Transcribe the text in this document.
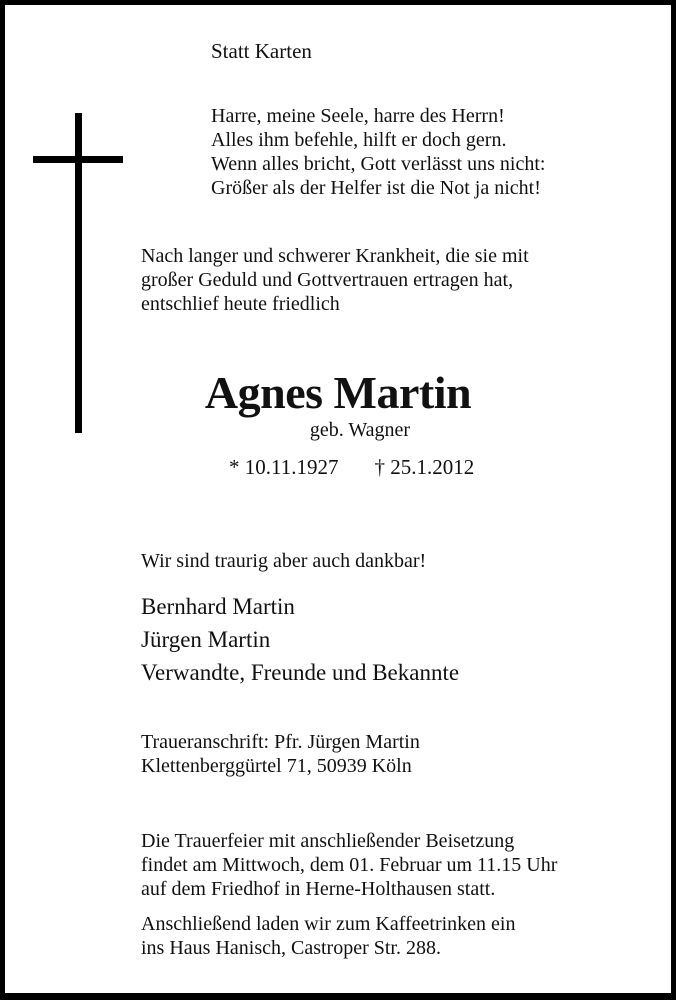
Statt Karten
Harre, meine Seele, harre des Herrn!
Alles ihm befehle, hilft er doch gern.
Wenn alles bricht, Gott verlässt uns nicht:
Größer als der Helfer ist die Not ja nicht!
Nach langer und schwerer Krankheit, die sie mit
großer Geduld und Gottvertrauen ertragen hat,
entschlief heute friedlich
Agnes Martin
geb. Wagner
* 10.11.1927 † 25.1.2012
Wir sind traurig aber auch dankbar!
Bernhard Martin
Jürgen Martin
Verwandte, Freunde und Bekannte
Traueranschrift: Pfr. Jürgen Martin
Klettenberggürtel 71, 50939 Köln
Die Trauerfeier mit anschließender Beisetzung
findet am Mittwoch, dem 01. Februar um 11.15 Uhr
auf dem Friedhof in Herne-Holthausen statt.
Anschließend laden wir zum Kaffeetrinken ein
ins Haus Hanisch, Castroper Str. 288.
